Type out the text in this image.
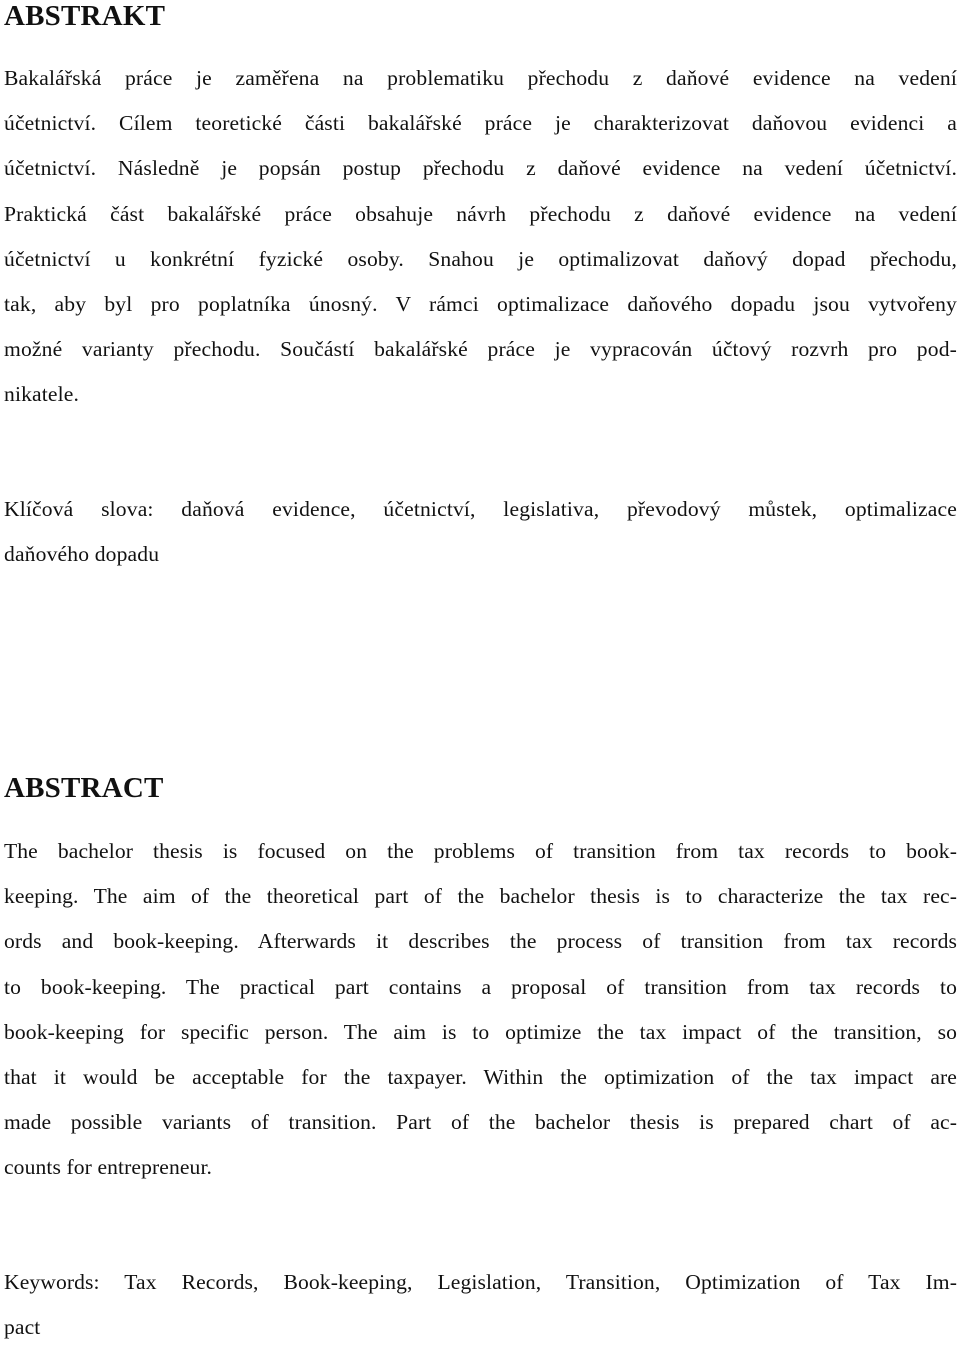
ABSTRAKT

Bakalářská práce je zaměřena na problematiku přechodu z daňové evidence na vedení
účetnictví. Cílem teoretické části bakalářské práce je charakterizovat daňovou evidenci a
účetnictví. Následně je popsán postup přechodu z daňové evidence na vedení účetnictví.
Praktická část bakalářské práce obsahuje návrh přechodu z daňové evidence na vedení
účetnictví u konkrétní fyzické osoby. Snahou je optimalizovat daňový dopad přechodu,
tak, aby byl pro poplatníka únosný. V rámci optimalizace daňového dopadu jsou vytvořeny
možné varianty přechodu. Součástí bakalářské práce je vypracován účtový rozvrh pro pod-
nikatele.

Klíčová slova: daňová evidence, účetnictví, legislativa, převodový můstek, optimalizace
daňového dopadu

ABSTRACT

The bachelor thesis is focused on the problems of transition from tax records to book-
keeping. The aim of the theoretical part of the bachelor thesis is to characterize the tax rec-
ords and book-keeping. Afterwards it describes the process of transition from tax records
to book-keeping. The practical part contains a proposal of transition from tax records to
book-keeping for specific person. The aim is to optimize the tax impact of the transition, so
that it would be acceptable for the taxpayer. Within the optimization of the tax impact are
made possible variants of transition. Part of the bachelor thesis is prepared chart of ac-
counts for entrepreneur.

Keywords: Tax Records, Book-keeping, Legislation, Transition, Optimization of Tax Im-
pact
